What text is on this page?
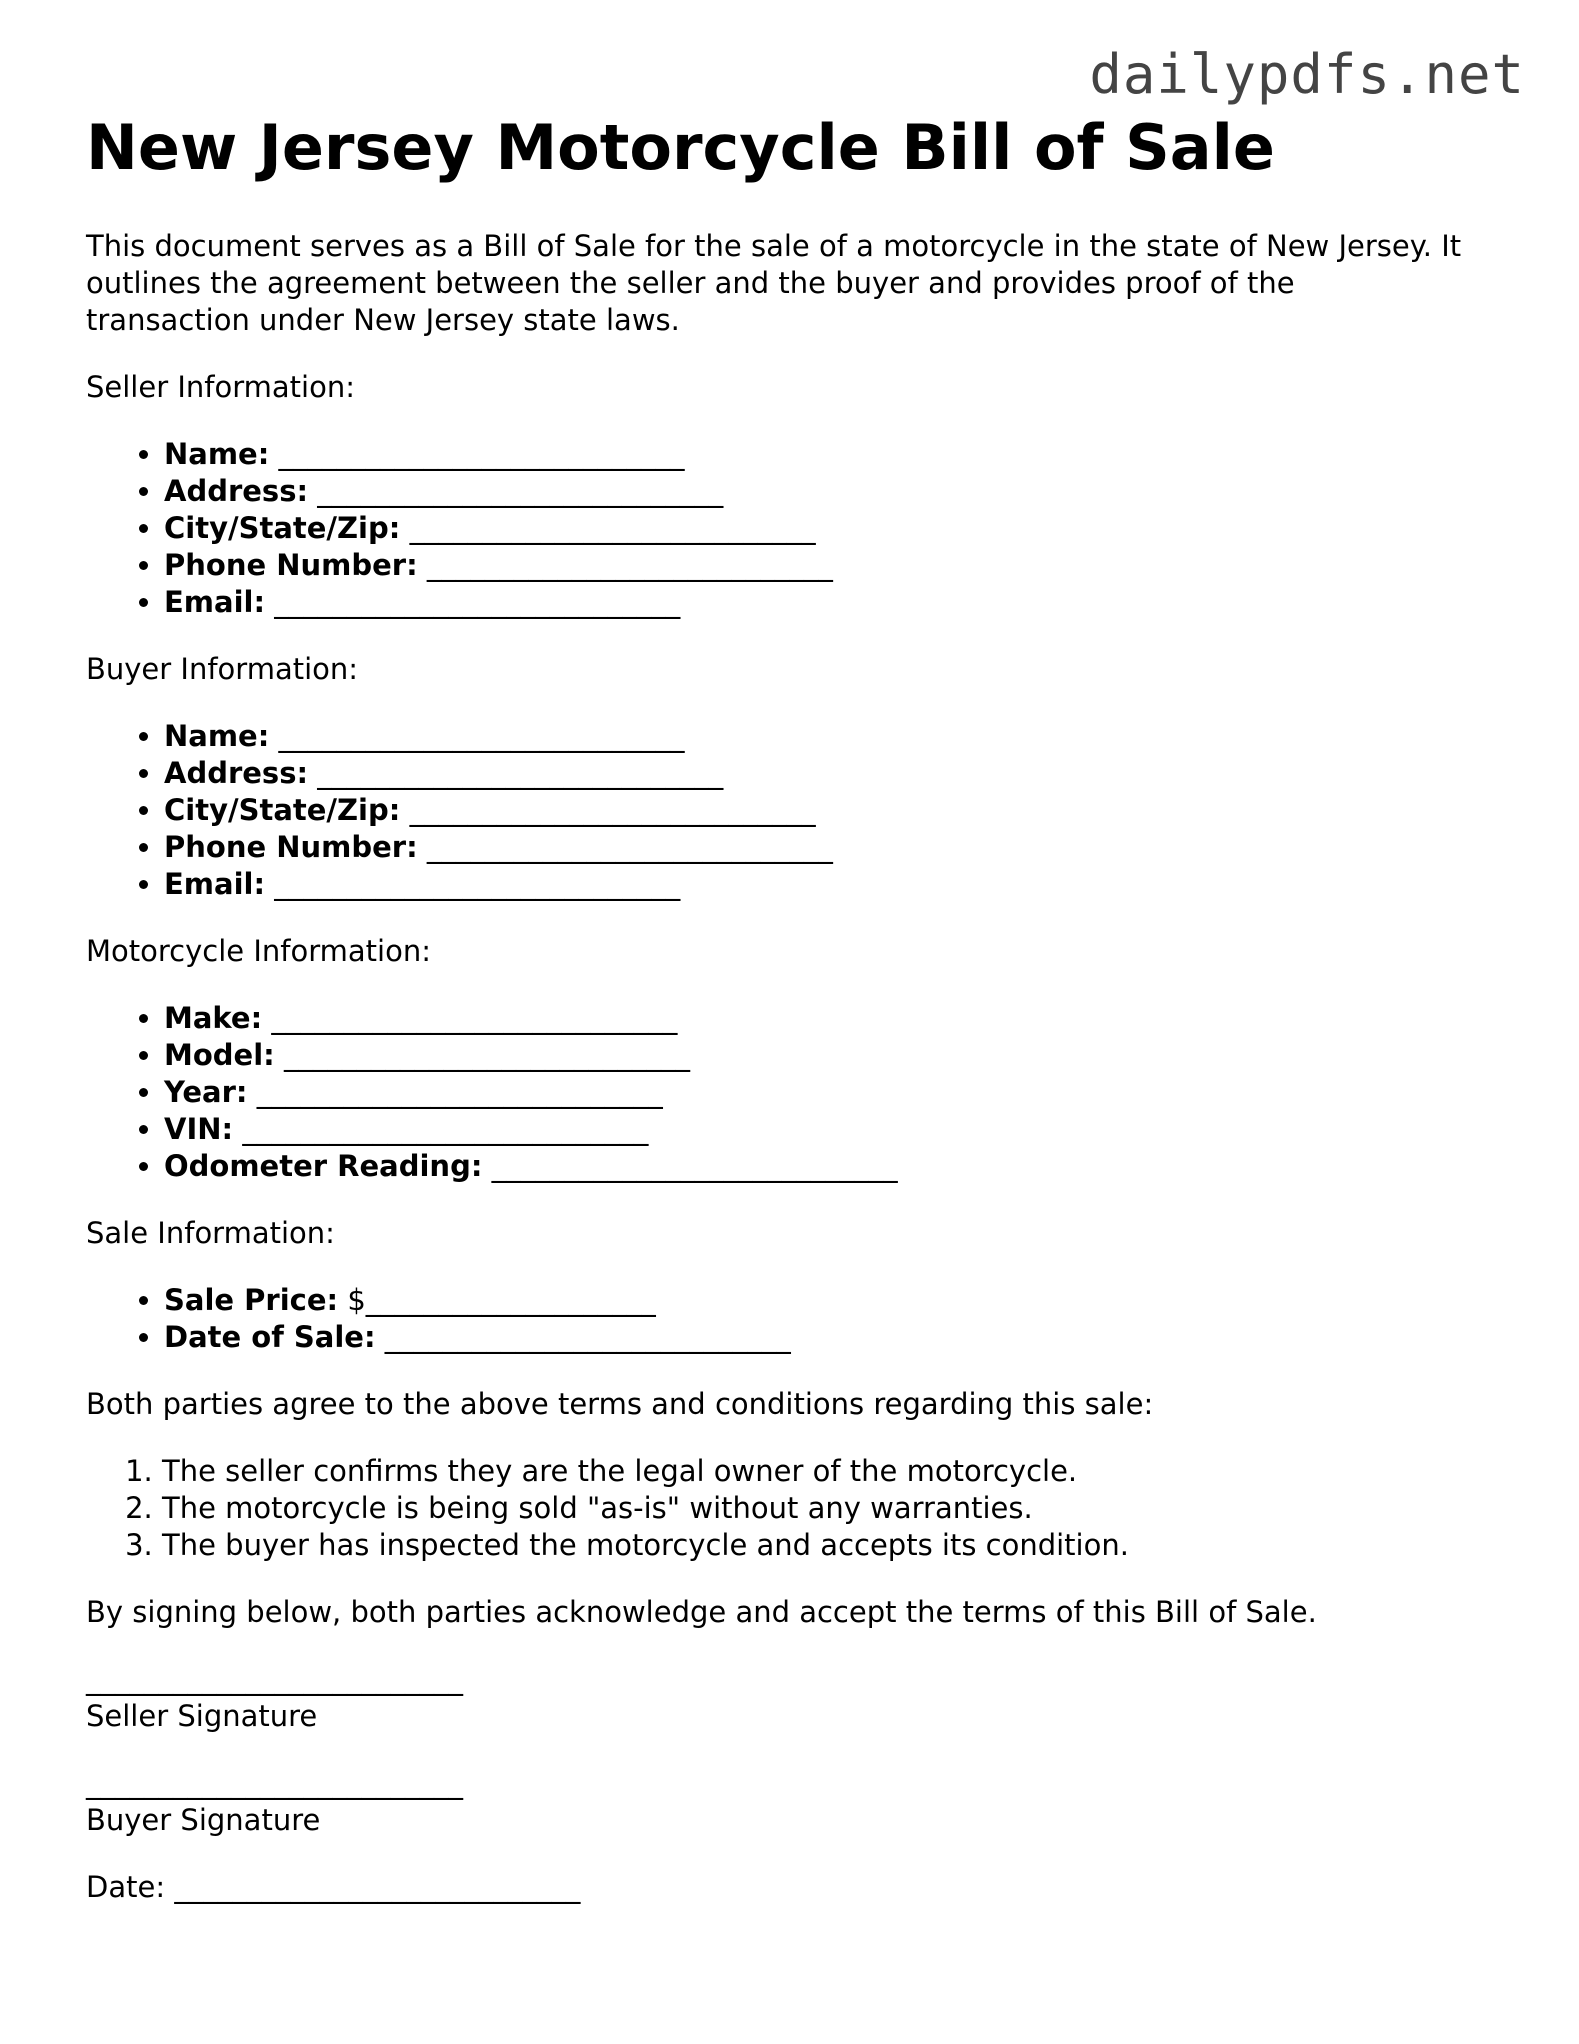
dailypdfs.net
New Jersey Motorcycle Bill of Sale

This document serves as a Bill of Sale for the sale of a motorcycle in the state of New Jersey. It outlines the agreement between the seller and the buyer and provides proof of the transaction under New Jersey state laws.

Seller Information:

• Name: ____________________________
• Address: ____________________________
• City/State/Zip: ____________________________
• Phone Number: ____________________________
• Email: ____________________________

Buyer Information:

• Name: ____________________________
• Address: ____________________________
• City/State/Zip: ____________________________
• Phone Number: ____________________________
• Email: ____________________________

Motorcycle Information:

• Make: ____________________________
• Model: ____________________________
• Year: ____________________________
• VIN: ____________________________
• Odometer Reading: ____________________________

Sale Information:

• Sale Price: $____________________
• Date of Sale: ____________________________

Both parties agree to the above terms and conditions regarding this sale:

1. The seller confirms they are the legal owner of the motorcycle.
2. The motorcycle is being sold "as-is" without any warranties.
3. The buyer has inspected the motorcycle and accepts its condition.

By signing below, both parties acknowledge and accept the terms of this Bill of Sale.

__________________________
Seller Signature
__________________________
Buyer Signature

Date: ____________________________
